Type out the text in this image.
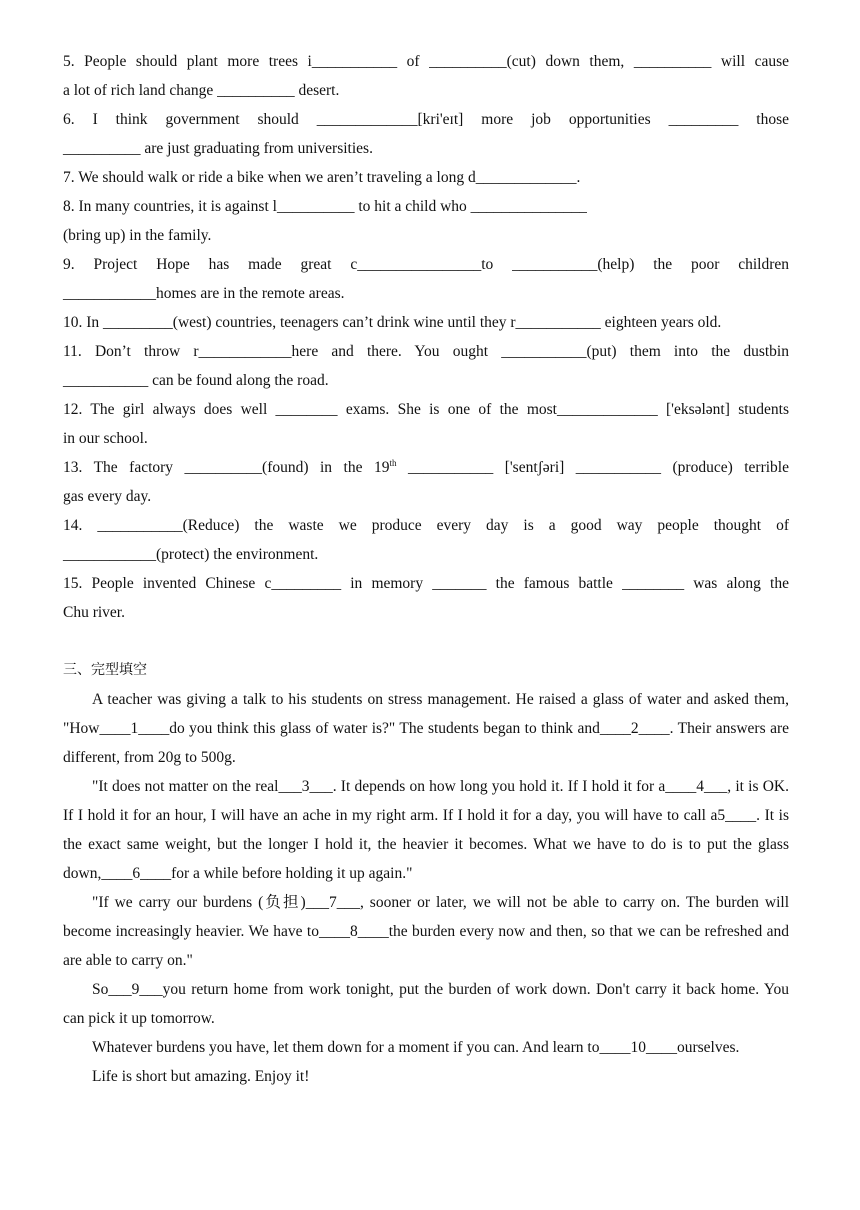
5. People should plant more trees i___________ of __________(cut) down them, __________ will cause

a lot of rich land change __________ desert.

6. I think government should _____________[kri'eɪt] more job opportunities _________ those

__________ are just graduating from universities.

7. We should walk or ride a bike when we aren’t traveling a long d_____________.

8. In many countries, it is against l__________ to hit a child who _______________

(bring up) in the family.

9. Project Hope has made great c________________to ___________(help) the poor children

____________homes are in the remote areas.

10. In _________(west) countries, teenagers can’t drink wine until they r___________ eighteen years old.

11. Don’t throw r____________here and there. You ought ___________(put) them into the dustbin

___________ can be found along the road.

12. The girl always does well ________ exams. She is one of the most_____________ ['eksələnt] students

in our school.

13. The factory __________(found) in the 19th ___________ ['sentʃəri] ___________ (produce) terrible

gas every day.

14. ___________(Reduce) the waste we produce every day is a good way people thought of

____________(protect) the environment.

15. People invented Chinese c_________ in memory _______ the famous battle ________ was along the

Chu river.

三、完型填空

A teacher was giving a talk to his students on stress management. He raised a glass of water and asked them, "How____1____do you think this glass of water is?" The students began to think and____2____. Their answers are different, from 20g to 500g.

"It does not matter on the real___3___. It depends on how long you hold it. If I hold it for a____4___, it is OK. If I hold it for an hour, I will have an ache in my right arm. If I hold it for a day, you will have to call a5____. It is the exact same weight, but the longer I hold it, the heavier it becomes. What we have to do is to put the glass down,____6____for a while before holding it up again."

"If we carry our burdens (负担)___7___, sooner or later, we will not be able to carry on. The burden will become increasingly heavier. We have to____8____the burden every now and then, so that we can be refreshed and are able to carry on."

So___9___you return home from work tonight, put the burden of work down. Don't carry it back home. You can pick it up tomorrow.

Whatever burdens you have, let them down for a moment if you can. And learn to____10____ourselves.

Life is short but amazing. Enjoy it!
